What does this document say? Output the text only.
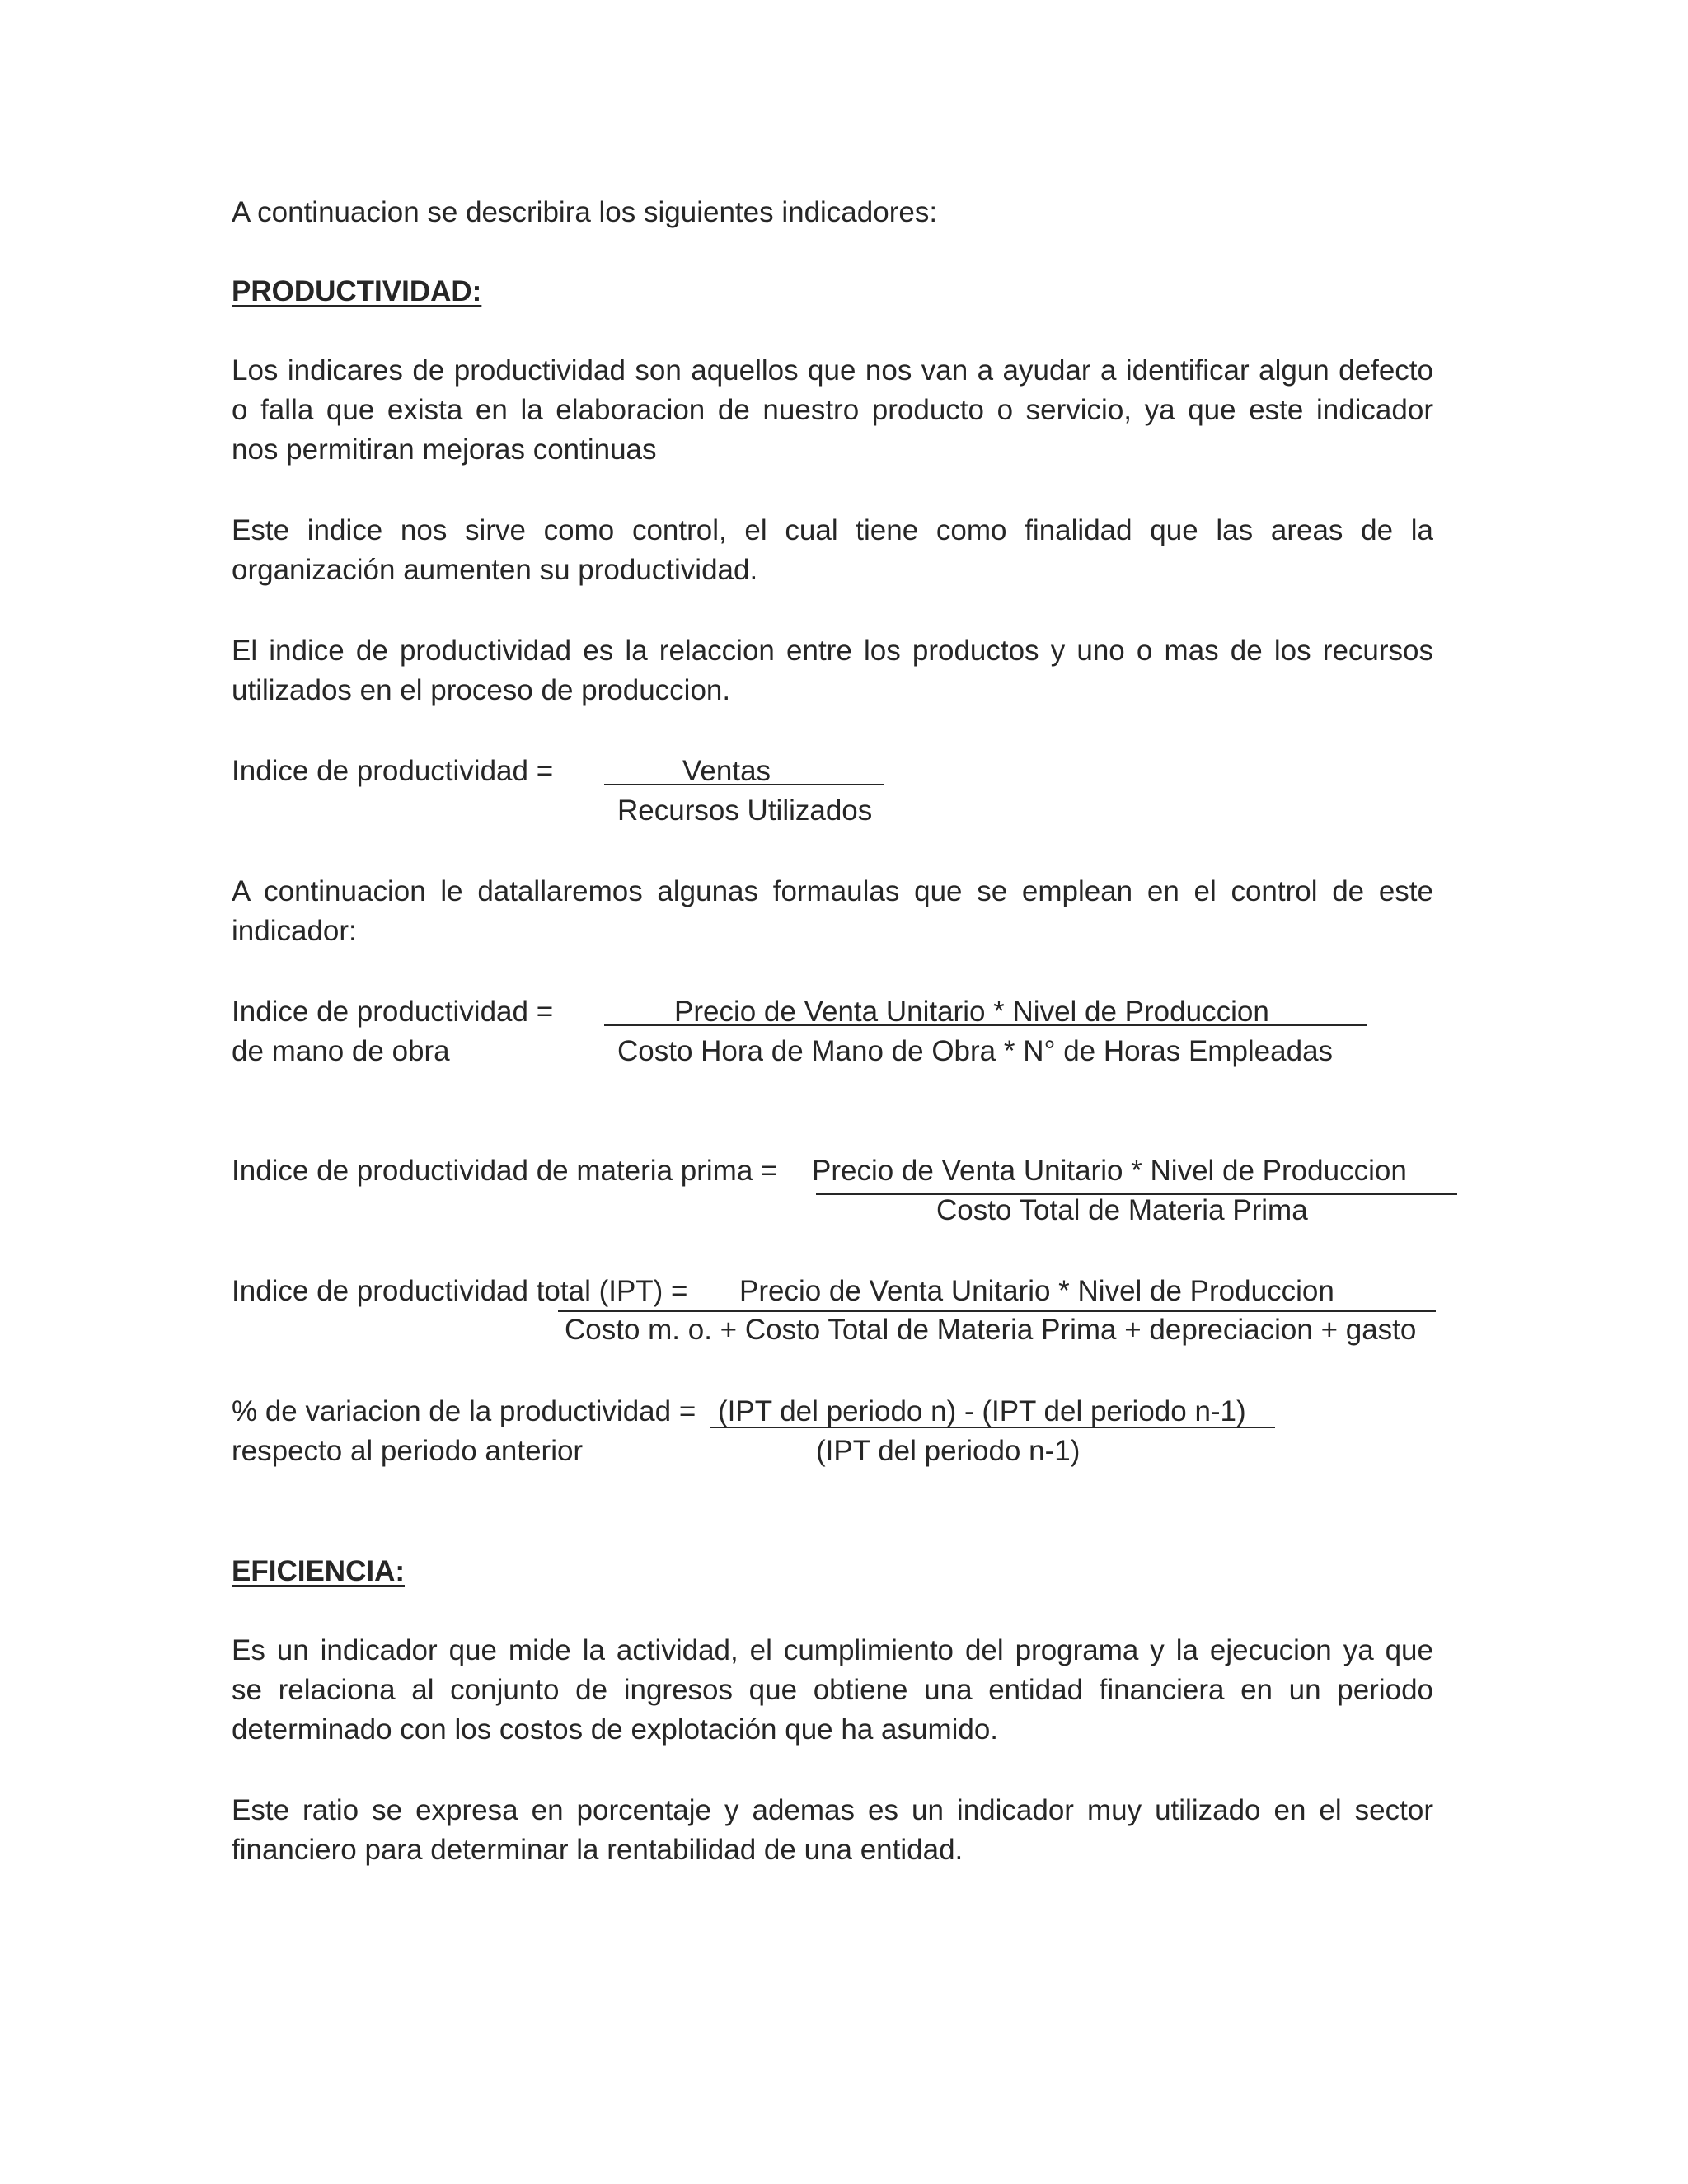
A continuacion se describira los siguientes indicadores:

PRODUCTIVIDAD:

Los indicares de productividad son aquellos que nos van a ayudar a identificar algun defecto
o falla que exista en la elaboracion de nuestro producto o servicio, ya que este indicador
nos permitiran mejoras continuas
Este indice nos sirve como control, el cual tiene como finalidad que las areas de la
organización aumenten su productividad.
El indice de productividad es la relaccion entre los productos y uno o mas de los recursos
utilizados en el proceso de produccion.
Indice de productividad =	Ventas
Recursos Utilizados
A continuacion le datallaremos algunas formaulas que se emplean en el control de este
indicador:
Indice de productividad =
de mano de obra
Precio de Venta Unitario * Nivel de Produccion
Costo Hora de Mano de Obra * N° de Horas Empleadas
Indice de productividad de materia prima = Precio de Venta Unitario * Nivel de Produccion
Costo Total de Materia Prima
Indice de productividad total (IPT) = Precio de Venta Unitario * Nivel de Produccion
Costo m. o. + Costo Total de Materia Prima + depreciacion + gasto
% de variacion de la productividad =
respecto al periodo anterior
(IPT del periodo n) - (IPT del periodo n-1)
(IPT del periodo n-1)

EFICIENCIA:

Es un indicador que mide la actividad, el cumplimiento del programa y la ejecucion ya que
se relaciona al conjunto de ingresos que obtiene una entidad financiera en un periodo
determinado con los costos de explotación que ha asumido.
Este ratio se expresa en porcentaje y ademas es un indicador muy utilizado en el sector
financiero para determinar la rentabilidad de una entidad.
